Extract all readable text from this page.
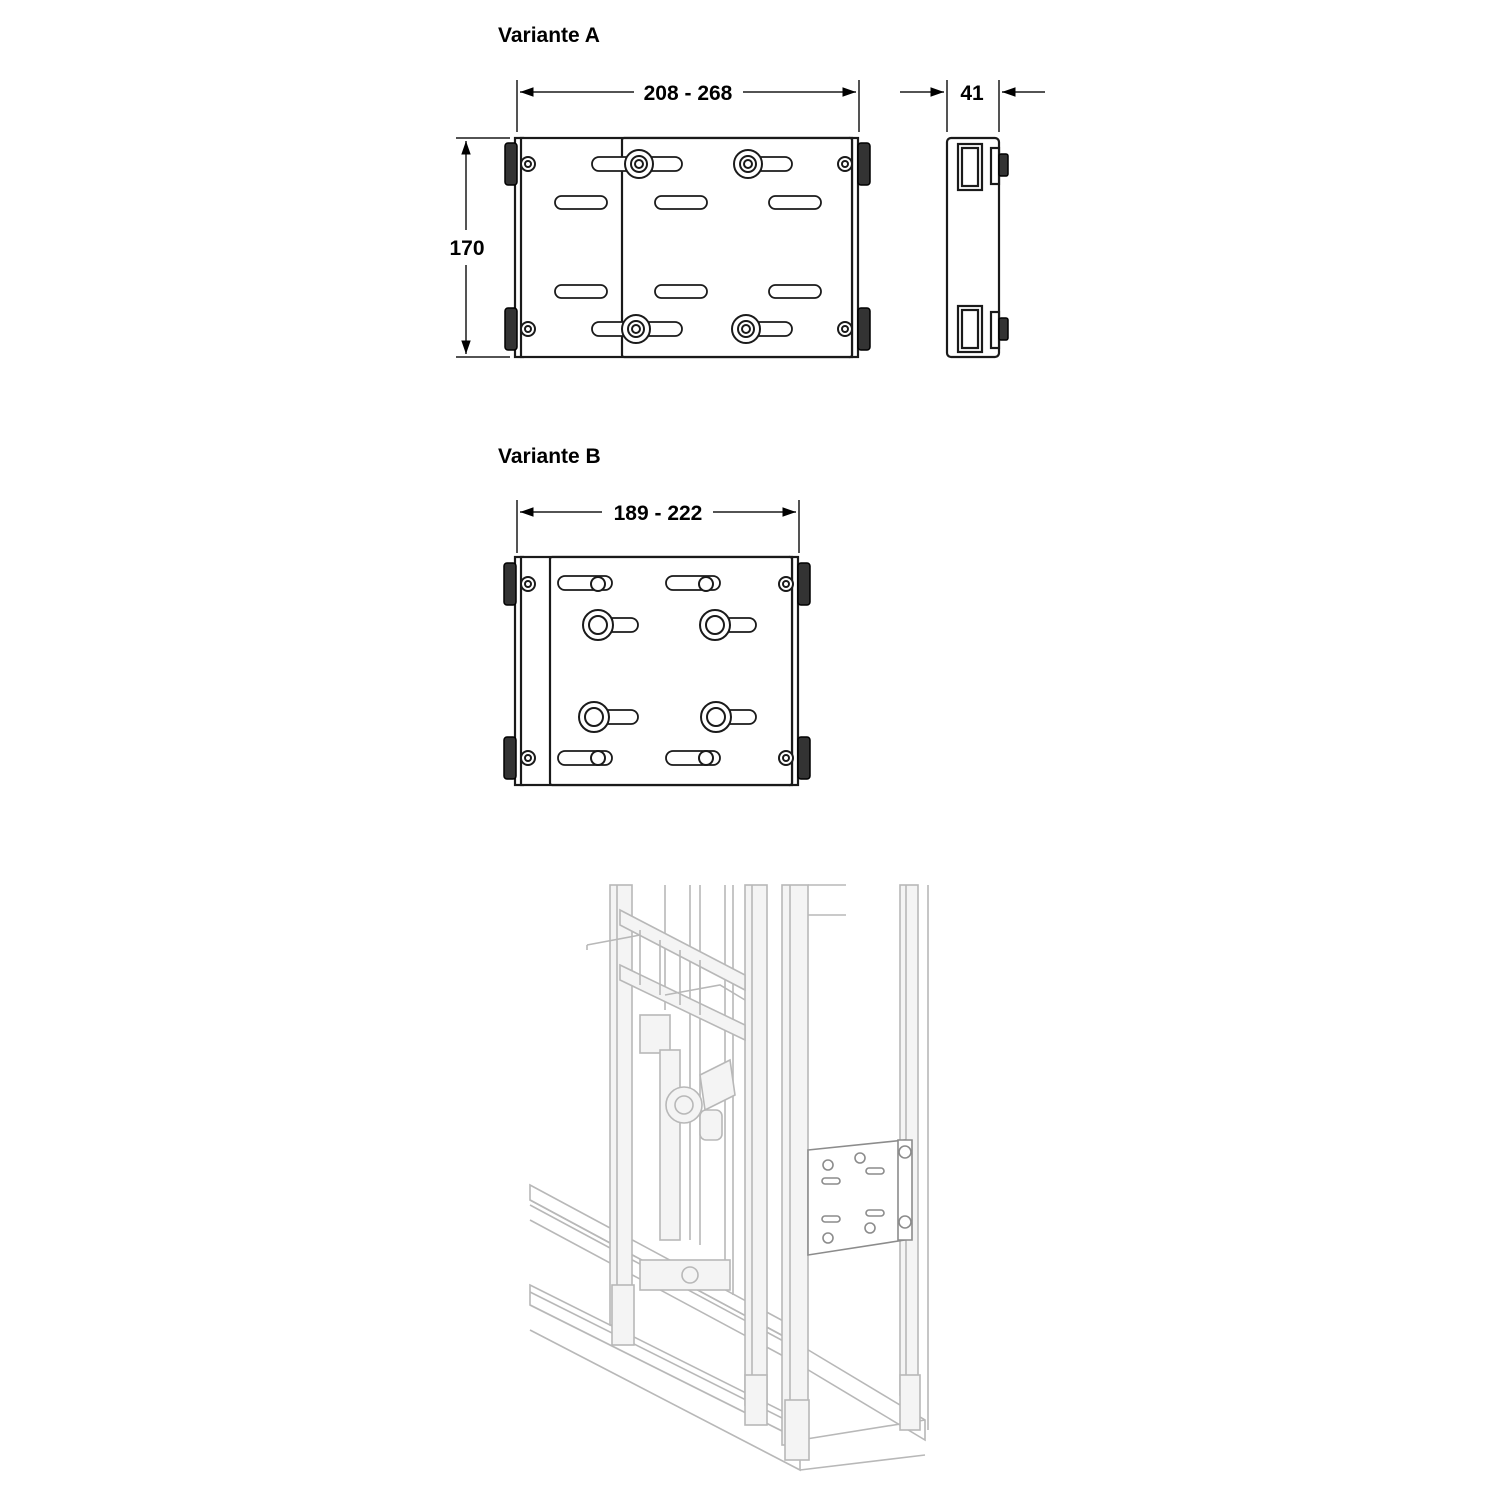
Variante A
208 - 268
170
41
Variante B
189 - 222
